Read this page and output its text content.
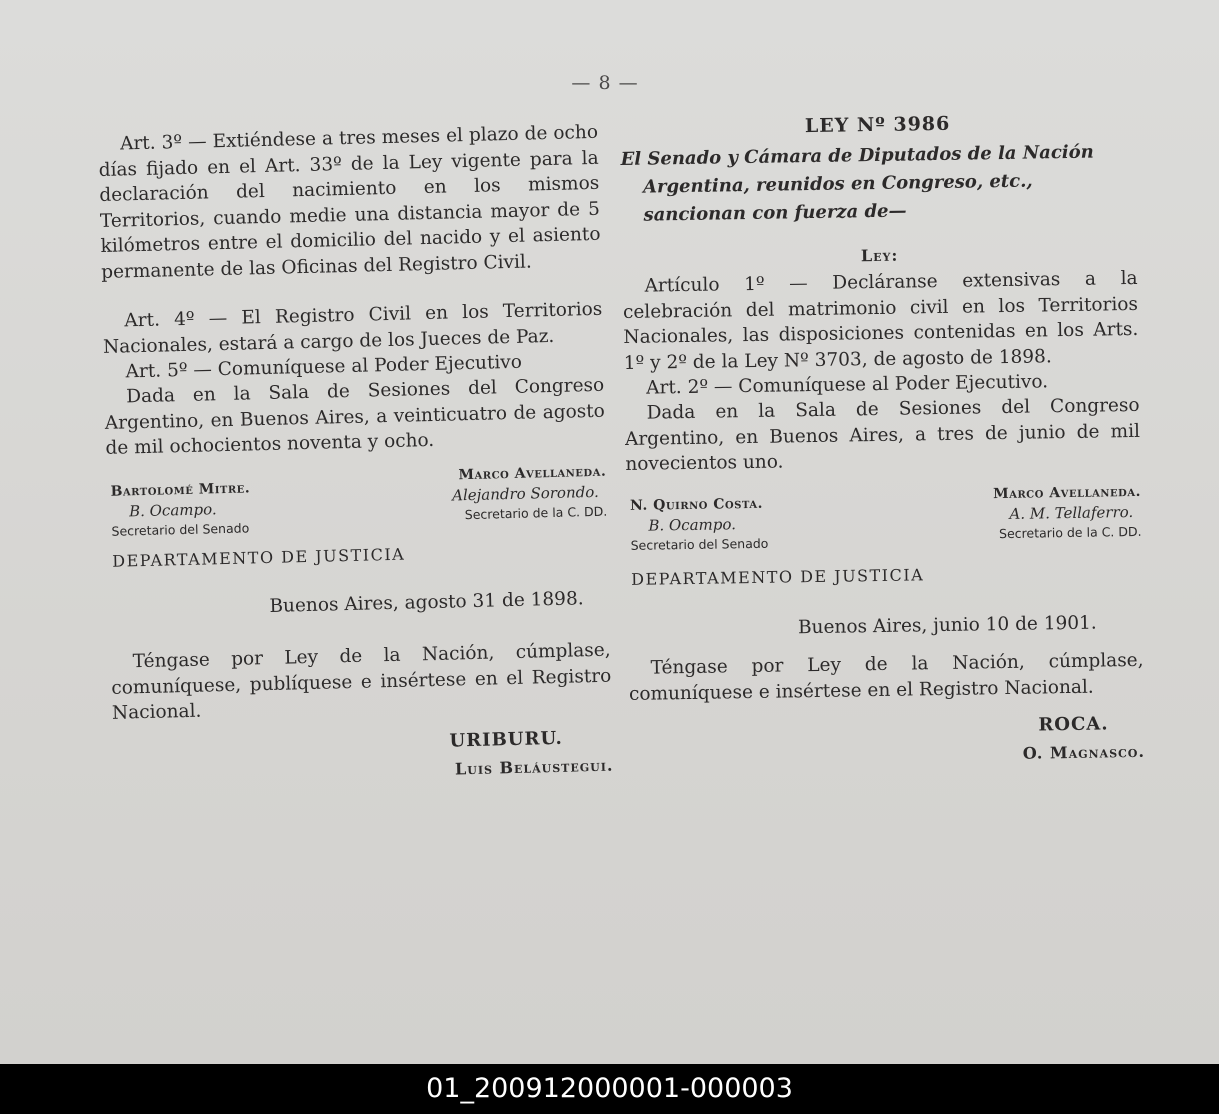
— 8 —

Art. 3º — Extiéndese a tres meses el plazo de ocho días fijado en el Art. 33º de la Ley vigente para la declaración del nacimiento en los mismos Territorios, cuando medie una distancia mayor de 5 kilómetros entre el domicilio del nacido y el asiento permanente de las Oficinas del Registro Civil.

Art. 4º — El Registro Civil en los Territorios Nacionales, estará a cargo de los Jueces de Paz.

Art. 5º — Comuníquese al Poder Ejecutivo

Dada en la Sala de Sesiones del Congreso Argentino, en Buenos Aires, a veinticuatro de agosto de mil ochocientos noventa y ocho.

Bartolomé Mitre.
B. Ocampo.
Secretario del Senado
Marco Avellaneda.
Alejandro Sorondo.
Secretario de la C. DD.
DEPARTAMENTO DE JUSTICIA
Buenos Aires, agosto 31 de 1898.

Téngase por Ley de la Nación, cúmplase, comuníquese, publíquese e insértese en el Registro Nacional.

URIBURU.
Luis Beláustegui.
LEY Nº 3986

El Senado y Cámara de Diputados de la Nación
Argentina, reunidos en Congreso, etc., sancionan con fuerza de—

Ley:

Artículo 1º — Decláranse extensivas a la celebración del matrimonio civil en los Territorios Nacionales, las disposiciones contenidas en los Arts. 1º y 2º de la Ley Nº 3703, de agosto de 1898.

Art. 2º — Comuníquese al Poder Ejecutivo.

Dada en la Sala de Sesiones del Congreso Argentino, en Buenos Aires, a tres de junio de mil novecientos uno.

N. Quirno Costa.
B. Ocampo.
Secretario del Senado
Marco Avellaneda.
A. M. Tellaferro.
Secretario de la C. DD.
DEPARTAMENTO DE JUSTICIA
Buenos Aires, junio 10 de 1901.

Téngase por Ley de la Nación, cúmplase, comuníquese e insértese en el Registro Nacional.

ROCA.
O. Magnasco.
01_200912000001-000003
